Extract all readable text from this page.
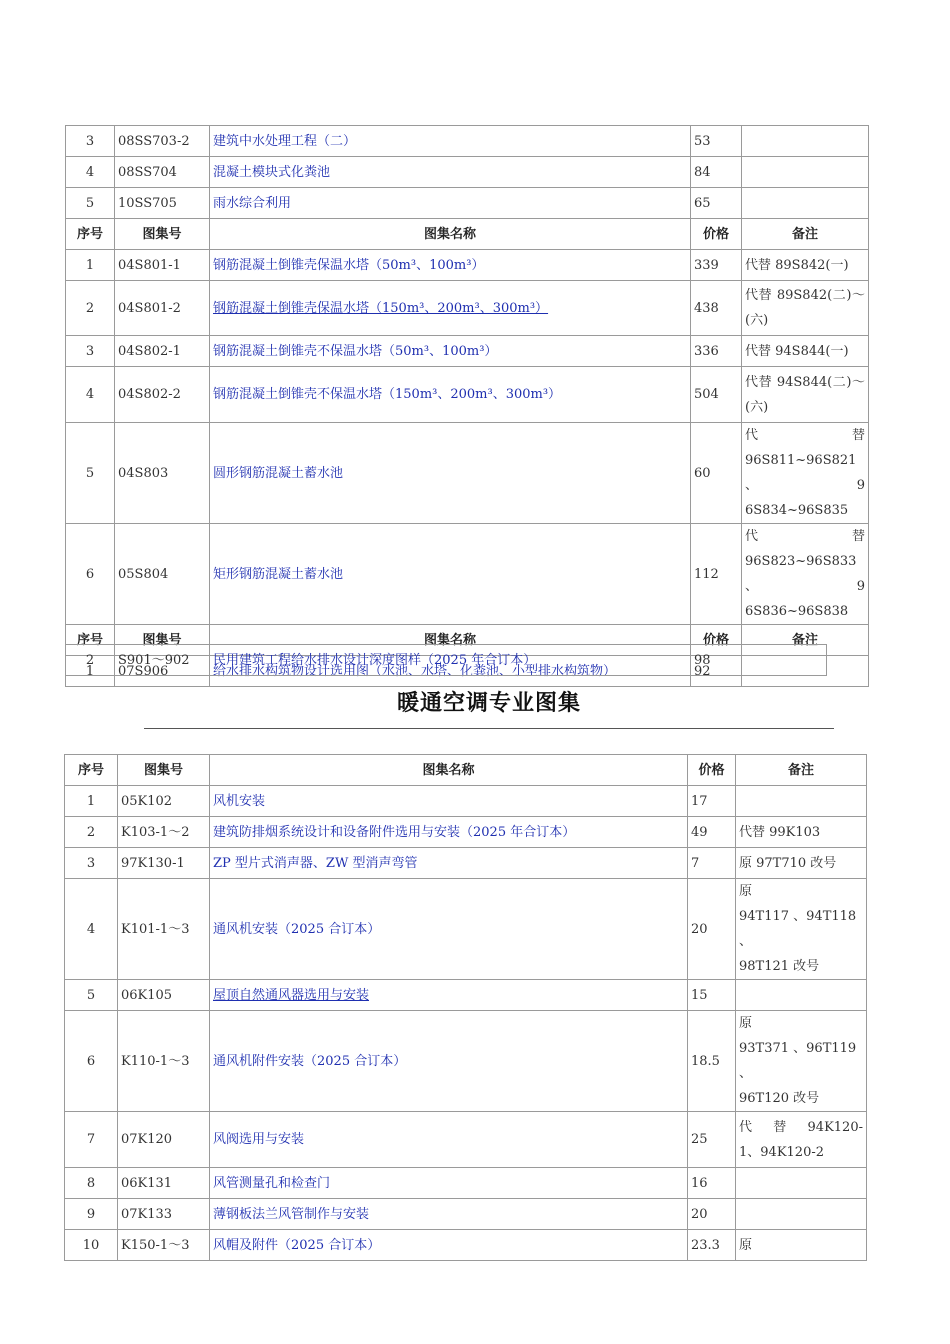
3	08SS703-2	建筑中水处理工程（二）	53	
4	08SS704	混凝土模块式化粪池	84	
5	10SS705	雨水综合利用	65	
序号	图集号	图集名称	价格	备注
1	04S801-1	钢筋混凝土倒锥壳保温水塔（50m³、100m³）	339	代替 89S842(一)
2	04S801-2	钢筋混凝土倒锥壳保温水塔（150m³、200m³、300m³）	438	代替 89S842(二)～
(六)

3	04S802-1	钢筋混凝土倒锥壳不保温水塔（50m³、100m³）	336	代替 94S844(一)
4	04S802-2	钢筋混凝土倒锥壳不保温水塔（150m³、200m³、300m³）	504	代替 94S844(二)～
(六)

5	04S803	圆形钢筋混凝土蓄水池	60	代　　替
96S811~96S821 、 9
6S834~96S835

6	05S804	矩形钢筋混凝土蓄水池	112	代　　替
96S823~96S833 、 9
6S836~96S838

序号	图集号	图集名称	价格	备注
1	07S906	给水排水构筑物设计选用图（水池、水塔、化粪池、小型排水构筑物）	92	
2	S901～902	民用建筑工程给水排水设计深度图样（2025 年合订本）	98
暖通空调专业图集
序号	图集号	图集名称	价格	备注
1	05K102	风机安装	17	
2	K103-1～2	建筑防排烟系统设计和设备附件选用与安装（2025 年合订本）	49	代替 99K103
3	97K130-1	ZP 型片式消声器、ZW 型消声弯管	7	原 97T710 改号
4	K101-1～3	通风机安装（2025 合订本）	20	原
94T117 、94T118 、
98T121 改号

5	06K105	屋顶自然通风器选用与安装	15	
6	K110-1～3	通风机附件安装（2025 合订本）	18.5	原
93T371 、96T119 、
96T120 改号

7	07K120	风阀选用与安装	25	代　替　94K120-
1、94K120-2

8	06K131	风管测量孔和检查门	16	
9	07K133	薄钢板法兰风管制作与安装	20	
10	K150-1～3	风帽及附件（2025 合订本）	23.3	原
